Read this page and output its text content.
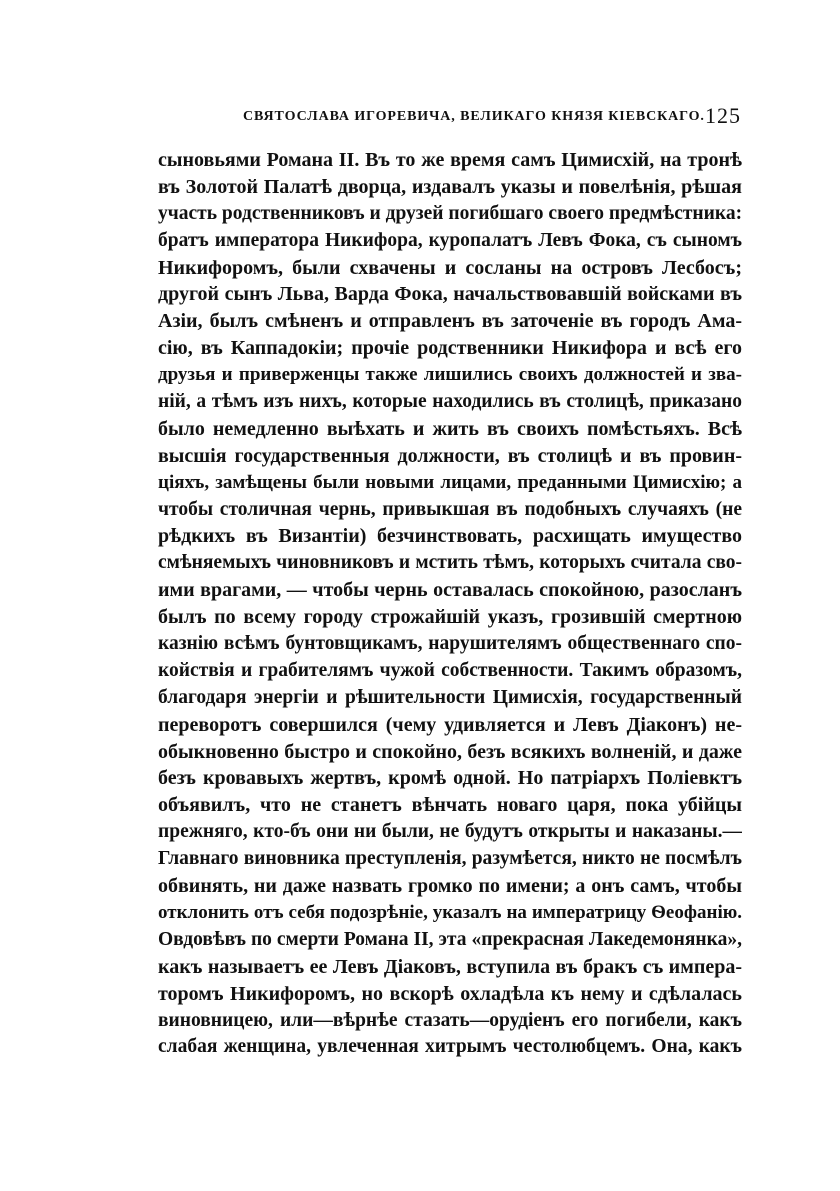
СВЯТОСЛАВА ИГОРЕВИЧА, ВЕЛИКАГО КНЯЗЯ КІЕВСКАГО. 125
сыновьями Романа II. Въ то же время самъ Цимисхій, на тронѣ
въ Золотой Палатѣ дворца, издавалъ указы и повелѣнія, рѣшая
участь родственниковъ и друзей погибшаго своего предмѣстника:
братъ императора Никифора, куропалатъ Левъ Фока, съ сыномъ
Никифоромъ, были схвачены и сосланы на островъ Лесбосъ;
другой сынъ Льва, Варда Фока, начальствовавшій войсками въ
Азіи, былъ смѣненъ и отправленъ въ заточеніе въ городъ Ама-
сію, въ Каппадокіи; прочіе родственники Никифора и всѣ его
друзья и приверженцы также лишились своихъ должностей и зва-
ній, а тѣмъ изъ нихъ, которые находились въ столицѣ, приказано
было немедленно выѣхать и жить въ своихъ помѣстьяхъ. Всѣ
высшія государственныя должности, въ столицѣ и въ провин-
ціяхъ, замѣщены были новыми лицами, преданными Цимисхію; а
чтобы столичная чернь, привыкшая въ подобныхъ случаяхъ (не
рѣдкихъ въ Византіи) безчинствовать, расхищать имущество
смѣняемыхъ чиновниковъ и мстить тѣмъ, которыхъ считала сво-
ими врагами, — чтобы чернь оставалась спокойною, разосланъ
былъ по всему городу строжайшій указъ, грозившій смертною
казнію всѣмъ бунтовщикамъ, нарушителямъ общественнаго спо-
койствія и грабителямъ чужой собственности. Такимъ образомъ,
благодаря энергіи и рѣшительности Цимисхія, государственный
переворотъ совершился (чему удивляется и Левъ Діаконъ) не-
обыкновенно быстро и спокойно, безъ всякихъ волненій, и даже
безъ кровавыхъ жертвъ, кромѣ одной. Но патріархъ Поліевктъ
объявилъ, что не станетъ вѣнчать новаго царя, пока убійцы
прежняго, кто-бъ они ни были, не будутъ открыты и наказаны.—
Главнаго виновника преступленія, разумѣется, никто не посмѣлъ
обвинять, ни даже назвать громко по имени; а онъ самъ, чтобы
отклонить отъ себя подозрѣніе, указалъ на императрицу Ѳеофанію.
Овдовѣвъ по смерти Романа II, эта «прекрасная Лакедемонянка»,
какъ называетъ ее Левъ Діаковъ, вступила въ бракъ съ импера-
торомъ Никифоромъ, но вскорѣ охладѣла къ нему и сдѣлалась
виновницею, или—вѣрнѣе стазать—орудіенъ его погибели, какъ
слабая женщина, увлеченная хитрымъ честолюбцемъ. Она, какъ
